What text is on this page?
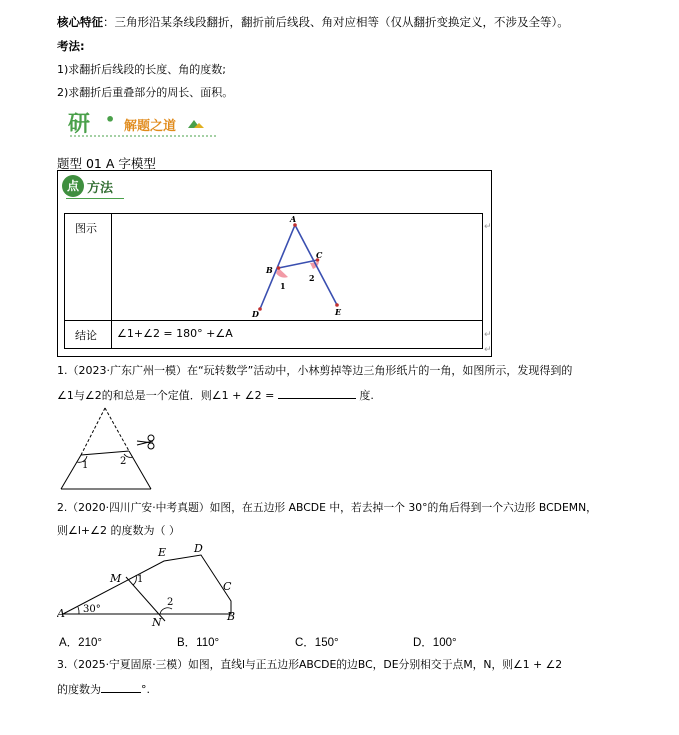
核心特征：三角形沿某条线段翻折，翻折前后线段、角对应相等（仅从翻折变换定义，不涉及全等）。
考法:
1)求翻折后线段的长度、角的度数;
2)求翻折后重叠部分的周长、面积。
研 • 解题之道
题型 01 A 字模型
点 方法
图示
结论 ∠1+∠2 = 180° +∠A
↵
↵
↵
A
B
C
D	E
1
2
1.（2023·广东广州一模）在“玩转数学”活动中，小林剪掉等边三角形纸片的一角，如图所示，发现得到的
∠1与∠2的和总是一个定值．则∠1 + ∠2 =	度.
1	2
2.（2020·四川广安·中考真题）如图，在五边形 ABCDE 中，若去掉一个 30°的角后得到一个六边形 BCDEMN，
则∠l+∠2 的度数为（ ）
A	B
C
D
E
M
N
1
2
30°
A．210°	B．110°	C．150°	D．100°
3.（2025·宁夏固原·三模）如图，直线l与正五边形ABCDE的边BC，DE分别相交于点M，N，则∠1 + ∠2
的度数为	°.
